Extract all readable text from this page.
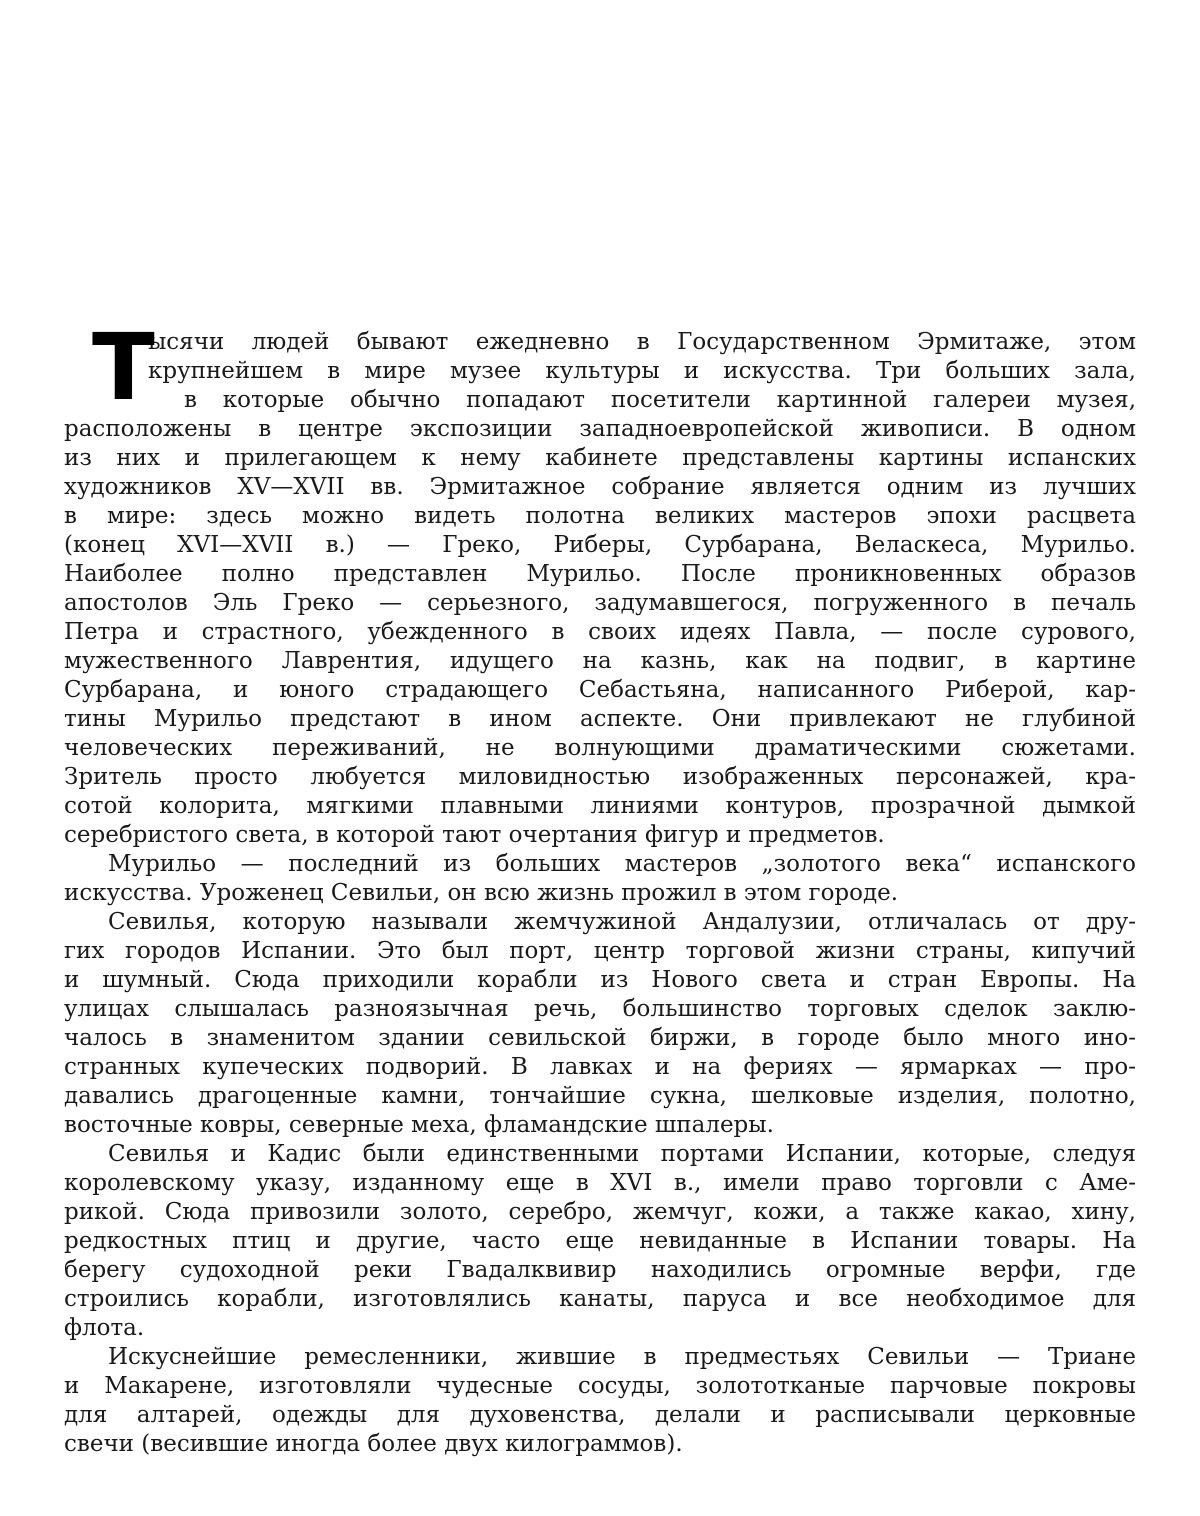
Т
ысячи людей бывают ежедневно в Государственном Эрмитаже, этом
крупнейшем в мире музее культуры и искусства. Три больших зала,
в которые обычно попадают посетители картинной галереи музея,
расположены в центре экспозиции западноевропейской живописи. В одном
из них и прилегающем к нему кабинете представлены картины испанских
художников XV—XVII вв. Эрмитажное собрание является одним из лучших
в мире: здесь можно видеть полотна великих мастеров эпохи расцвета
(конец XVI—XVII в.) — Греко, Риберы, Сурбарана, Веласкеса, Мурильо.
Наиболее полно представлен Мурильо. После проникновенных образов
апостолов Эль Греко — серьезного, задумавшегося, погруженного в печаль
Петра и страстного, убежденного в своих идеях Павла, — после сурового,
мужественного Лаврентия, идущего на казнь, как на подвиг, в картине
Сурбарана, и юного страдающего Себастьяна, написанного Риберой, кар-
тины Мурильо предстают в ином аспекте. Они привлекают не глубиной
человеческих переживаний, не волнующими драматическими сюжетами.
Зритель просто любуется миловидностью изображенных персонажей, кра-
сотой колорита, мягкими плавными линиями контуров, прозрачной дымкой
серебристого света, в которой тают очертания фигур и предметов.
Мурильо — последний из больших мастеров „золотого века“ испанского
искусства. Уроженец Севильи, он всю жизнь прожил в этом городе.
Севилья, которую называли жемчужиной Андалузии, отличалась от дру-
гих городов Испании. Это был порт, центр торговой жизни страны, кипучий
и шумный. Сюда приходили корабли из Нового света и стран Европы. На
улицах слышалась разноязычная речь, большинство торговых сделок заклю-
чалось в знаменитом здании севильской биржи, в городе было много ино-
странных купеческих подворий. В лавках и на фериях — ярмарках — про-
давались драгоценные камни, тончайшие сукна, шелковые изделия, полотно,
восточные ковры, северные меха, фламандские шпалеры.
Севилья и Кадис были единственными портами Испании, которые, следуя
королевскому указу, изданному еще в XVI в., имели право торговли с Аме-
рикой. Сюда привозили золото, серебро, жемчуг, кожи, а также какао, хину,
редкостных птиц и другие, часто еще невиданные в Испании товары. На
берегу судоходной реки Гвадалквивир находились огромные верфи, где
строились корабли, изготовлялись канаты, паруса и все необходимое для
флота.
Искуснейшие ремесленники, жившие в предместьях Севильи — Триане
и Макарене, изготовляли чудесные сосуды, золототканые парчовые покровы
для алтарей, одежды для духовенства, делали и расписывали церковные
свечи (весившие иногда более двух килограммов).
